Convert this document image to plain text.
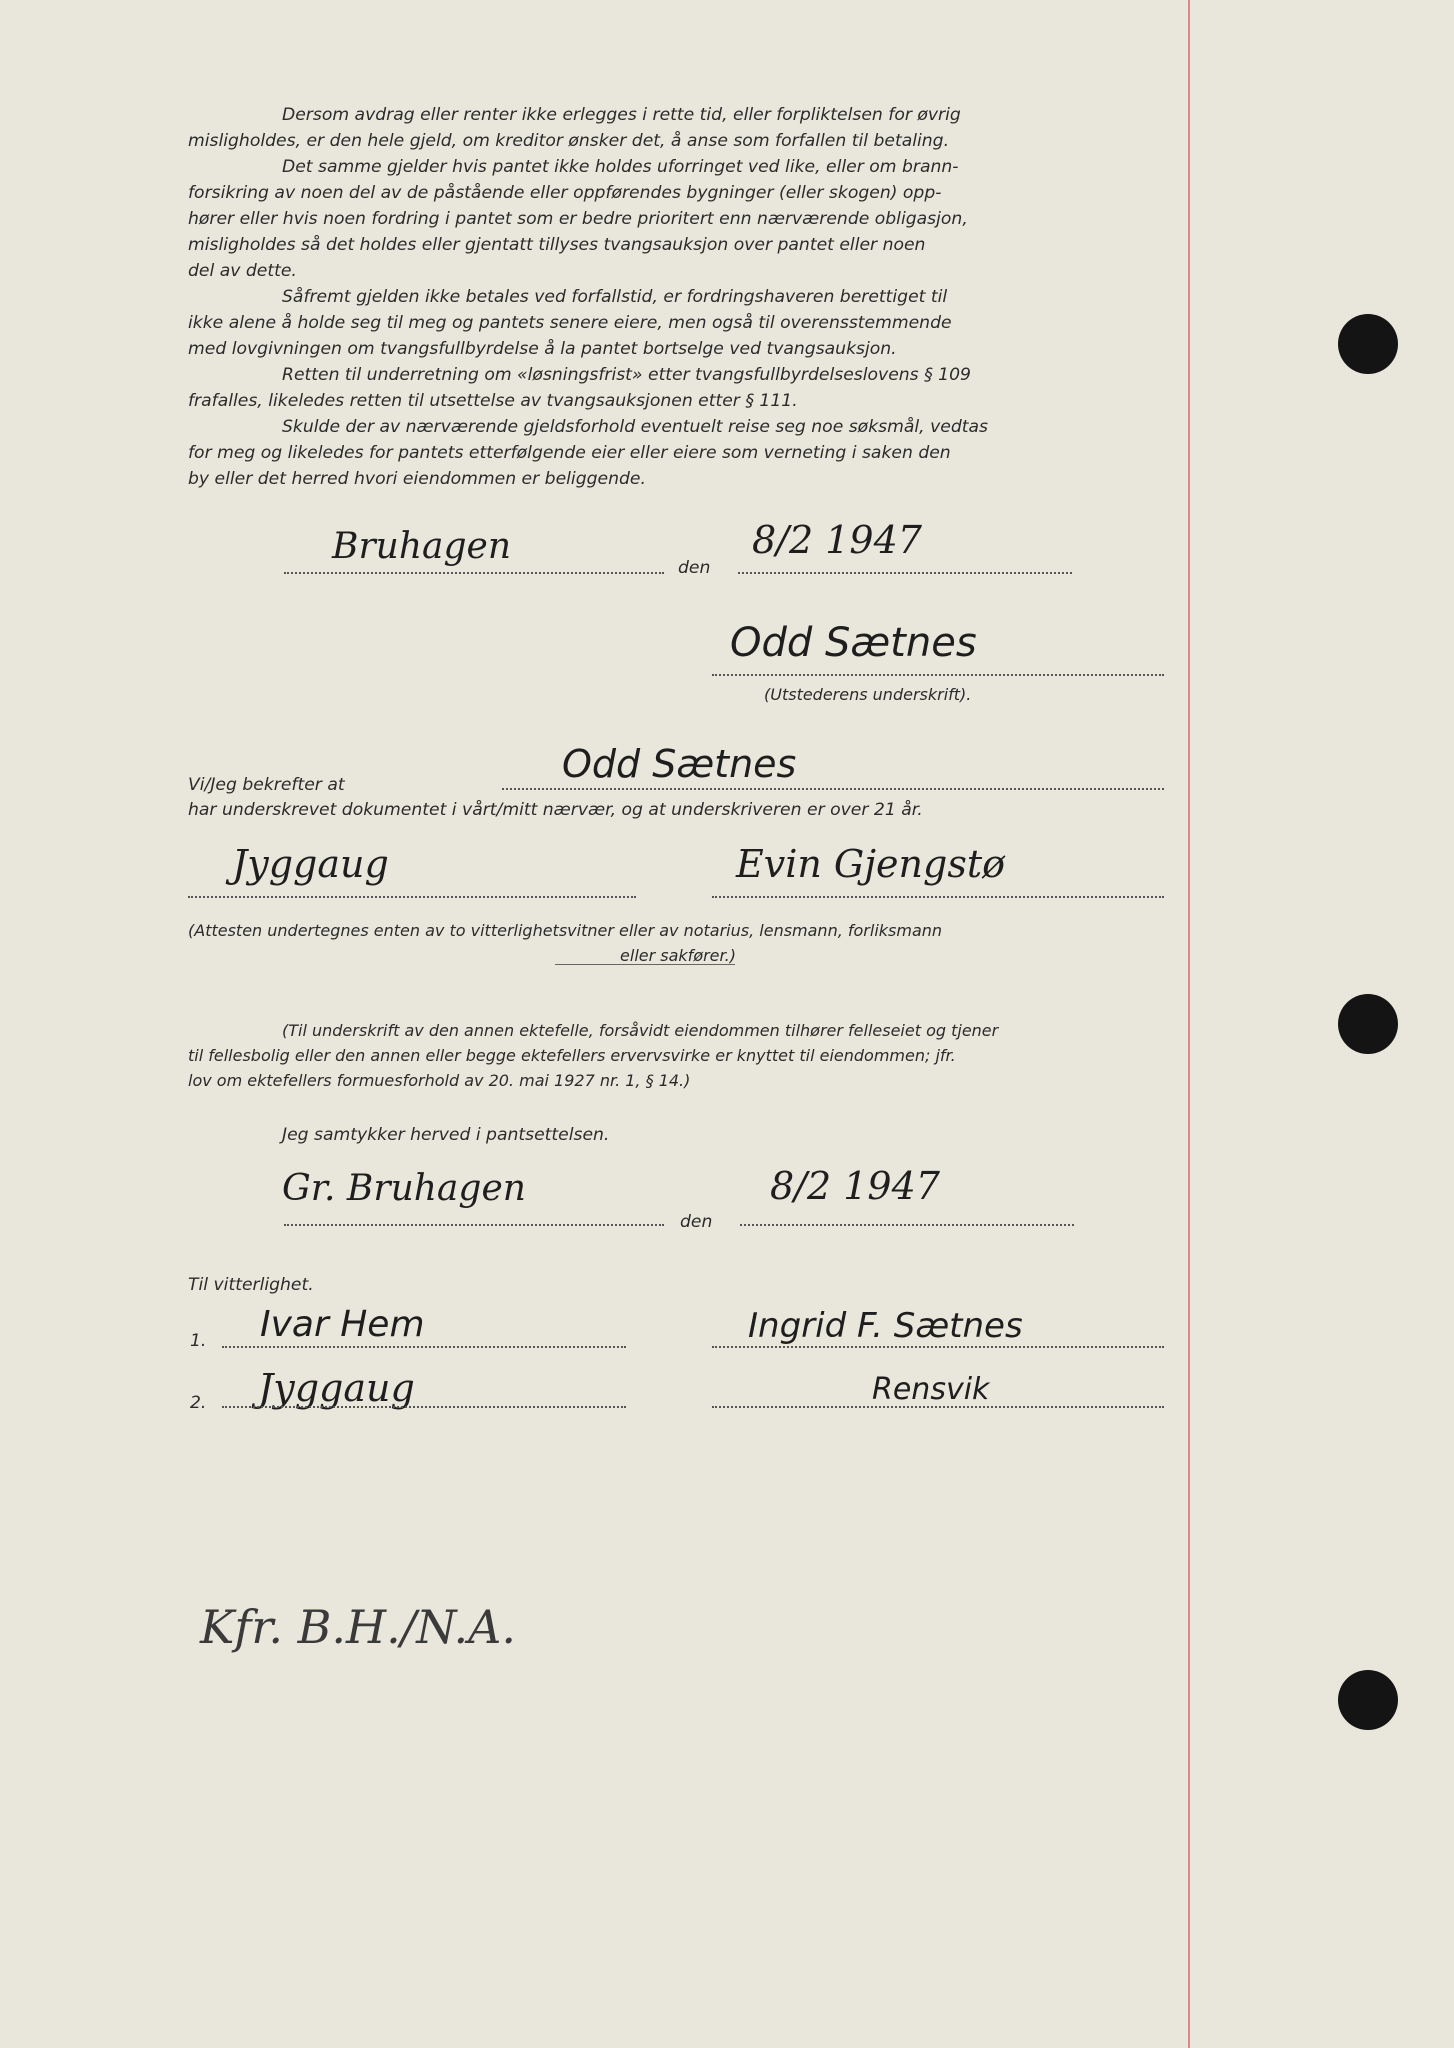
Dersom avdrag eller renter ikke erlegges i rette tid, eller forpliktelsen for øvrig
misligholdes, er den hele gjeld, om kreditor ønsker det, å anse som forfallen til betaling.
Det samme gjelder hvis pantet ikke holdes uforringet ved like, eller om brann-
forsikring av noen del av de påstående eller oppførendes bygninger (eller skogen) opp-
hører eller hvis noen fordring i pantet som er bedre prioritert enn nærværende obligasjon,
misligholdes så det holdes eller gjentatt tillyses tvangsauksjon over pantet eller noen
del av dette.
Såfremt gjelden ikke betales ved forfallstid, er fordringshaveren berettiget til
ikke alene å holde seg til meg og pantets senere eiere, men også til overensstemmende
med lovgivningen om tvangsfullbyrdelse å la pantet bortselge ved tvangsauksjon.
Retten til underretning om «løsningsfrist» etter tvangsfullbyrdelseslovens § 109
frafalles, likeledes retten til utsettelse av tvangsauksjonen etter § 111.
Skulde der av nærværende gjeldsforhold eventuelt reise seg noe søksmål, vedtas
for meg og likeledes for pantets etterfølgende eier eller eiere som verneting i saken den
by eller det herred hvori eiendommen er beliggende.
Bruhagen
den
8/2 1947
Odd Sætnes
(Utstederens underskrift).
Vi/Jeg bekrefter at	Odd Sætnes
har underskrevet dokumentet i vårt/mitt nærvær, og at underskriveren er over 21 år.
Jyggaug	Evin Gjengstø
(Attesten undertegnes enten av to vitterlighetsvitner eller av notarius, lensmann, forliksmann
eller sakfører.)
(Til underskrift av den annen ektefelle, forsåvidt eiendommen tilhører felleseiet og tjener
til fellesbolig eller den annen eller begge ektefellers ervervsvirke er knyttet til eiendommen; jfr.
lov om ektefellers formuesforhold av 20. mai 1927 nr. 1, § 14.)
Jeg samtykker herved i pantsettelsen.
Gr. Bruhagen
den
8/2 1947
Til vitterlighet.
1. Ivar Hem	Ingrid F. Sætnes
2. Jyggaug	Rensvik
Kfr. B.H./N.A.
